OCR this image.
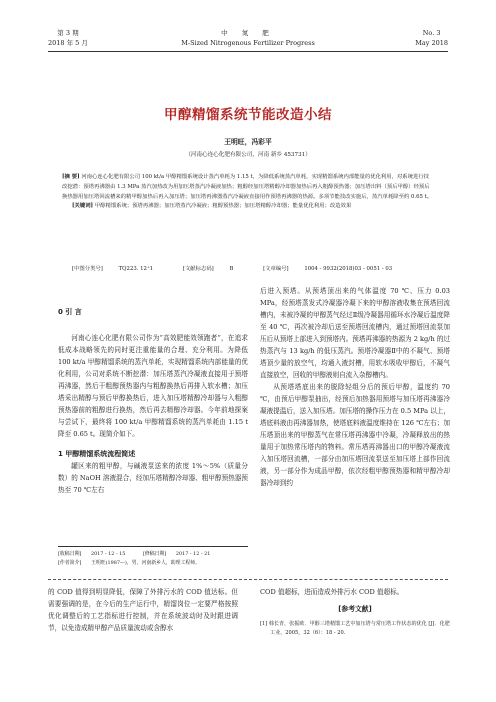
第 3 期
2018 年 5 月
中 氮 肥
M-Sized Nitrogenous Fertilizer Progress
No. 3
May 2018
甲醇精馏系统节能改造小结
王明旺，冯彩平
（河南心连心化肥有限公司，河南 新乡 453731）

[摘 要] 河南心连心化肥有限公司 100 kt/a 甲醇精馏系统设计蒸汽单耗为 1.15 t，为降低系统蒸汽单耗，实现精馏系统内部能量的优化利用，对系统进行技改挖潜：预塔再沸器由 1.3 MPa 蒸汽加热改为用加压塔蒸汽冷凝液加热；粗醇经加压塔精醇冷却器加热后再入粗醇预热器；加压塔出料（预后甲醇）经预后换热器用加压塔回流槽来的精甲醇加热后再入加压塔；加压塔再沸器蒸汽冷凝液直接用作预塔再沸器的热源。多项节能技改实施后，蒸汽单耗降至约 0.65 t。

[关键词] 甲醇精馏系统；预塔再沸器；加压塔蒸汽冷凝液；粗醇预热器；加压塔精醇冷却器；能量优化利用；改造效果

[中图分类号]	TQ223. 12⁺1	[文献标志码]	B	[文章编号]	1004 - 9932(2018)03 - 0051 - 03

0 引 言

河南心连心化肥有限公司作为“高效肥能效领跑者”，在追求低成本战略领先的同时更注重能量的合理、充分利用。为降低 100 kt/a 甲醇精馏系统的蒸汽单耗，实现精馏系统内部能量的优化利用，公司对系统不断挖潜：加压塔蒸汽冷凝液直接用于预塔再沸器，然后干粗醇预热器内与粗醇换热后再排入软水槽；加压塔采出精醇与预后甲醇换热后，进入加压塔精醇冷却器与入粗醇预热器前的粗醇进行换热，然后再去精醇冷却器。今年前地探案与尝试下，最终将 100 kt/a 甲醇精馏系统的蒸汽单耗由 1.15 t 降至 0.65 t。现简介如下。

1 甲醇精馏系统流程简述

罐区来的粗甲醇，与碱液泵送来的浓度 1%～5%（质量分数）的 NaOH 溶液混合，经加压塔精醇冷却器、粗甲醇预热器预热至 70 ℃左右

后进入预塔。从预塔顶出来的气体温度 70 ℃、压力 0.03 MPa，经预塔蒸发式冷凝器冷凝下来的甲醇溶液收集在预塔回流槽内，未被冷凝的甲醇蒸气经过Ⅱ级冷凝器用循环水冷凝后温度降至 40 ℃，再次被冷却后送至预塔回流槽内，通过预塔回流泵加压后从预塔上部进入到预塔内。预塔再沸器的热源为 2 kg/h 的过热蒸汽与 13 kg/h 的低压蒸汽。预塔冷凝器Ⅱ中的不凝气、预塔塔顶少量的放空气，均通入液封槽，用软水吸收甲醇后，不凝气直接放空，回收的甲醇液则自流入杂醇槽内。

从预塔塔底出来的脱除轻组分后的预后甲醇，温度约 70 ℃，由预后甲醇泵抽出，经预后加热器用预塔与加压塔再沸器冷凝液提温后，送入加压塔。加压塔的操作压力在 0.5 MPa 以上，塔底料液由再沸器加热，使塔底料液温度维持在 126 ℃左右；加压塔顶出来的甲醇蒸气在常压塔再沸器中冷凝，冷凝释放出的热量用于加热常压塔内的物料。常压塔再沸器出口的甲醇冷凝液流入加压塔回流槽，一部分由加压塔回流泵送至加压塔上部作回流液，另一部分作为成品甲醇，依次经粗甲醇预热器和精甲醇冷却器冷却到约

[收稿日期] 2017 - 12 - 15	[修稿日期] 2017 - 12 - 21
[作者简介] 王明旺(1987—)，男，河南新乡人，助理工程师。

的 COD 值得到明显降低，保障了外排污水的 COD 值达标。但需要强调的是，在今后的生产运行中，精馏岗位一定要严格按照优化调整后的工艺指标进行控制，并在系统波动时及时跟进调节，以免造成精甲醇产品质量波动或含醇水

COD 值超标，进而造成外排污水 COD 值超标。

[参考文献]

[1] 韩长青，张振欧．甲醇三塔精馏工艺中加压塔与常压塔工作状态的优化 [J]．化肥工业，2005，32（6）：18 - 20.
